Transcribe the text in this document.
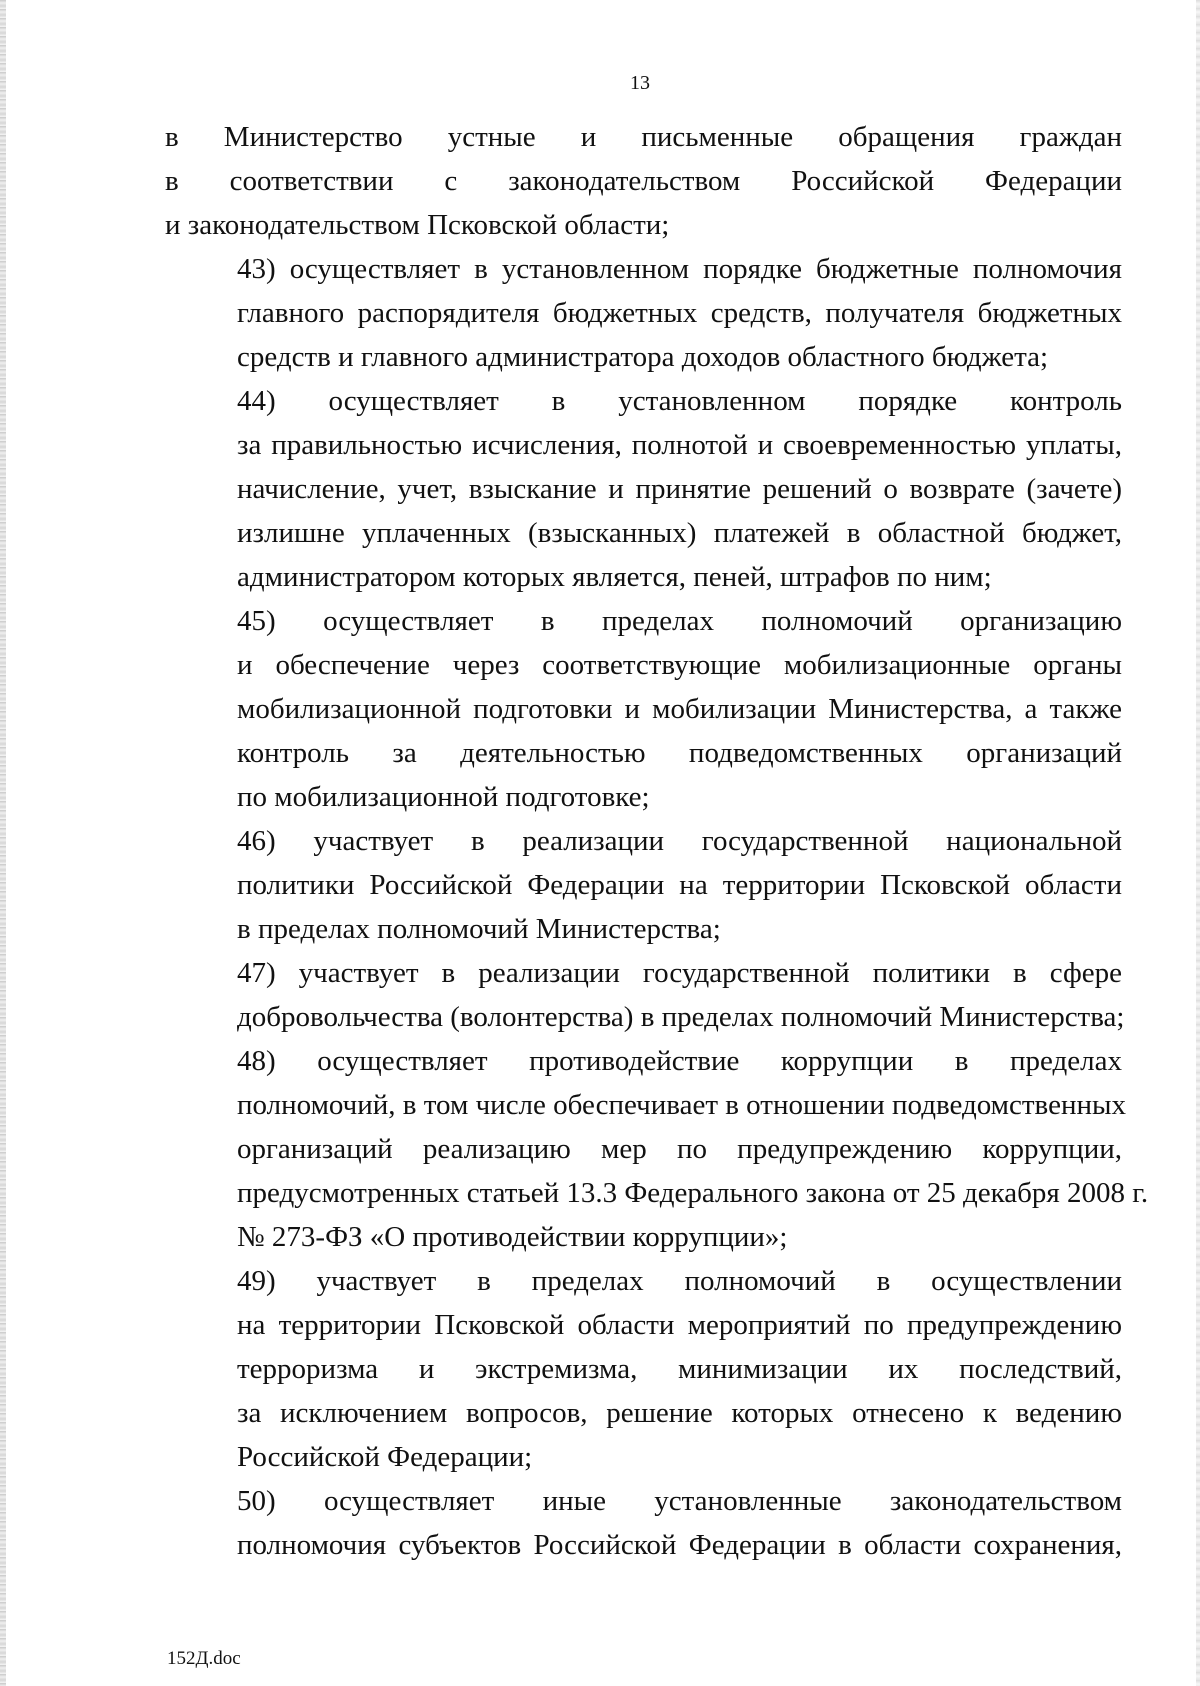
13

в Министерство устные и письменные обращения граждан
в соответствии с законодательством Российской Федерации
и законодательством Псковской области;

43) осуществляет в установленном порядке бюджетные полномочия
главного распорядителя бюджетных средств, получателя бюджетных
средств и главного администратора доходов областного бюджета;

44) осуществляет в установленном порядке контроль
за правильностью исчисления, полнотой и своевременностью уплаты,
начисление, учет, взыскание и принятие решений о возврате (зачете)
излишне уплаченных (взысканных) платежей в областной бюджет,
администратором которых является, пеней, штрафов по ним;

45) осуществляет в пределах полномочий организацию
и обеспечение через соответствующие мобилизационные органы
мобилизационной подготовки и мобилизации Министерства, а также
контроль за деятельностью подведомственных организаций
по мобилизационной подготовке;

46) участвует в реализации государственной национальной
политики Российской Федерации на территории Псковской области
в пределах полномочий Министерства;

47) участвует в реализации государственной политики в сфере
добровольчества (волонтерства) в пределах полномочий Министерства;

48) осуществляет противодействие коррупции в пределах
полномочий, в том числе обеспечивает в отношении подведомственных
организаций реализацию мер по предупреждению коррупции,
предусмотренных статьей 13.3 Федерального закона от 25 декабря 2008 г.
№ 273-ФЗ «О противодействии коррупции»;

49) участвует в пределах полномочий в осуществлении
на территории Псковской области мероприятий по предупреждению
терроризма и экстремизма, минимизации их последствий,
за исключением вопросов, решение которых отнесено к ведению
Российской Федерации;

50) осуществляет иные установленные законодательством
полномочия субъектов Российской Федерации в области сохранения,

152Д.doc
